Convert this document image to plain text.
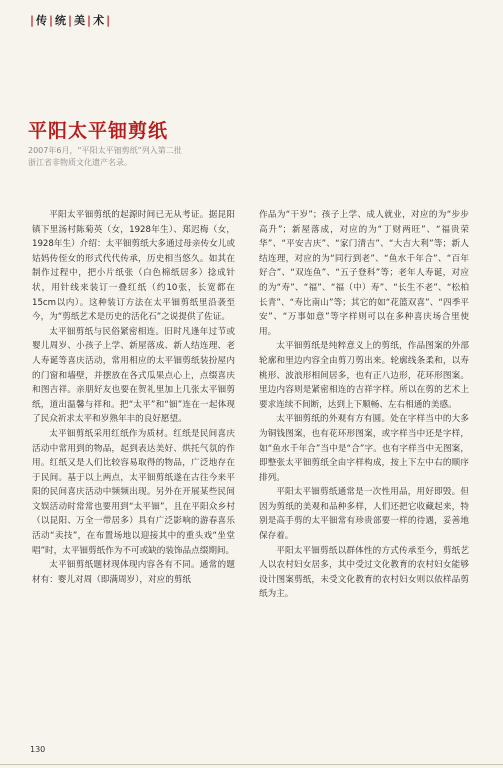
| 传 | 统 | 美 | 术 |
平阳太平钿剪纸
2007年6月，“平阳太平钿剪纸”列入第二批
浙江省非物质文化遗产名录。

平阳太平钿剪纸的起源时间已无从考证。据昆阳镇下里汤村陈菊英（女，1928年生）、郑迟梅（女，1928年生）介绍：太平钿剪纸大多通过母亲传女儿或姑妈传侄女的形式代代传承，历史相当悠久。如其在制作过程中，把小片纸张（白色棉纸居多）捻成针状，用针线来装订一叠红纸（约10张，长宽都在15cm以内）。这种装订方法在太平钿剪纸里沿袭至今，为“剪纸艺术是历史的活化石”之说提供了佐证。

太平钿剪纸与民俗紧密相连。旧时凡逢年过节或婴儿周岁、小孩子上学、新屋落成、新人结连理、老人寿诞等喜庆活动，常用相应的太平钿剪纸装扮屋内的门窗和墙壁，并摆放在各式瓜果点心上，点缀喜庆和图吉祥。亲朋好友也要在贺礼里加上几张太平钿剪纸，道出温馨与祥和。把“太平”和“钿”连在一起体现了民众祈求太平和岁熟年丰的良好愿望。

太平钿剪纸采用红纸作为质材。红纸是民间喜庆活动中常用到的物品，起到表达美好、烘托气氛的作用。红纸又是人们比较容易取得的物品，广泛地存在于民间。基于以上两点，太平钿剪纸遂在古往今来平阳的民间喜庆活动中频频出现。另外在开展某些民间文娱活动时常常也要用到“太平钿”，且在平阳众乡村（以昆阳、万全一带居多）具有广泛影响的游春喜乐活动“卖技”，在布置场地以迎接其中的重头戏“坐堂唱”时，太平钿剪纸作为不可或缺的装饰品点缀期间。

太平钿剪纸题材现体现内容各有不同。通常的题材有：婴儿对周（即满周岁），对应的剪纸

作品为“干岁”；孩子上学、成人就业，对应的为“步步高升”；新屋落成，对应的为“丁财两旺”、“福贵荣华”、“平安吉庆”、“家门清吉”、“大吉大利”等；新人结连理，对应的为“同行到老”、“鱼水千年合”、“百年好合”、“双连鱼”、“五子登科”等；老年人寿诞，对应的为“寿”、“福”、“福（中）寿”、“长生不老”、“松柏长青”、“寿比南山”等；其它的如“花篮双喜”、“四季平安”、“万事如意”等字样则可以在多种喜庆场合里使用。

太平钿剪纸是纯粹意义上的剪纸，作品图案的外部轮廓和里边内容全由剪刀剪出来。轮廓线条柔和，以寿桃形、波浪形相间居多，也有正八边形，花环形图案。里边内容则是紧密相连的吉祥字样。所以在剪的艺术上要求连续不间断，达到上下顺畅、左右相通的美感。

太平钿剪纸的外观有方有圆。处在字样当中的大多为铜钱图案，也有花环形图案，或字样当中还是字样，如“鱼水千年合”当中是“合”字。也有字样当中无图案，即整张太平钿剪纸全由字样构成，按上下左中右的顺序排列。

平阳太平钿剪纸通常是一次性用品，用好即毁。但因为剪纸的美观和品种多样，人们还把它收藏起来，特别是高手剪的太平钿常有珍贵部要一样的待遇，妥善地保存着。

平阳太平钿剪纸以群体性的方式传承至今，剪纸艺人以农村妇女居多，其中受过文化教育的农村妇女能够设计图案剪纸，未受文化教育的农村妇女则以依样品剪纸为主。

130
